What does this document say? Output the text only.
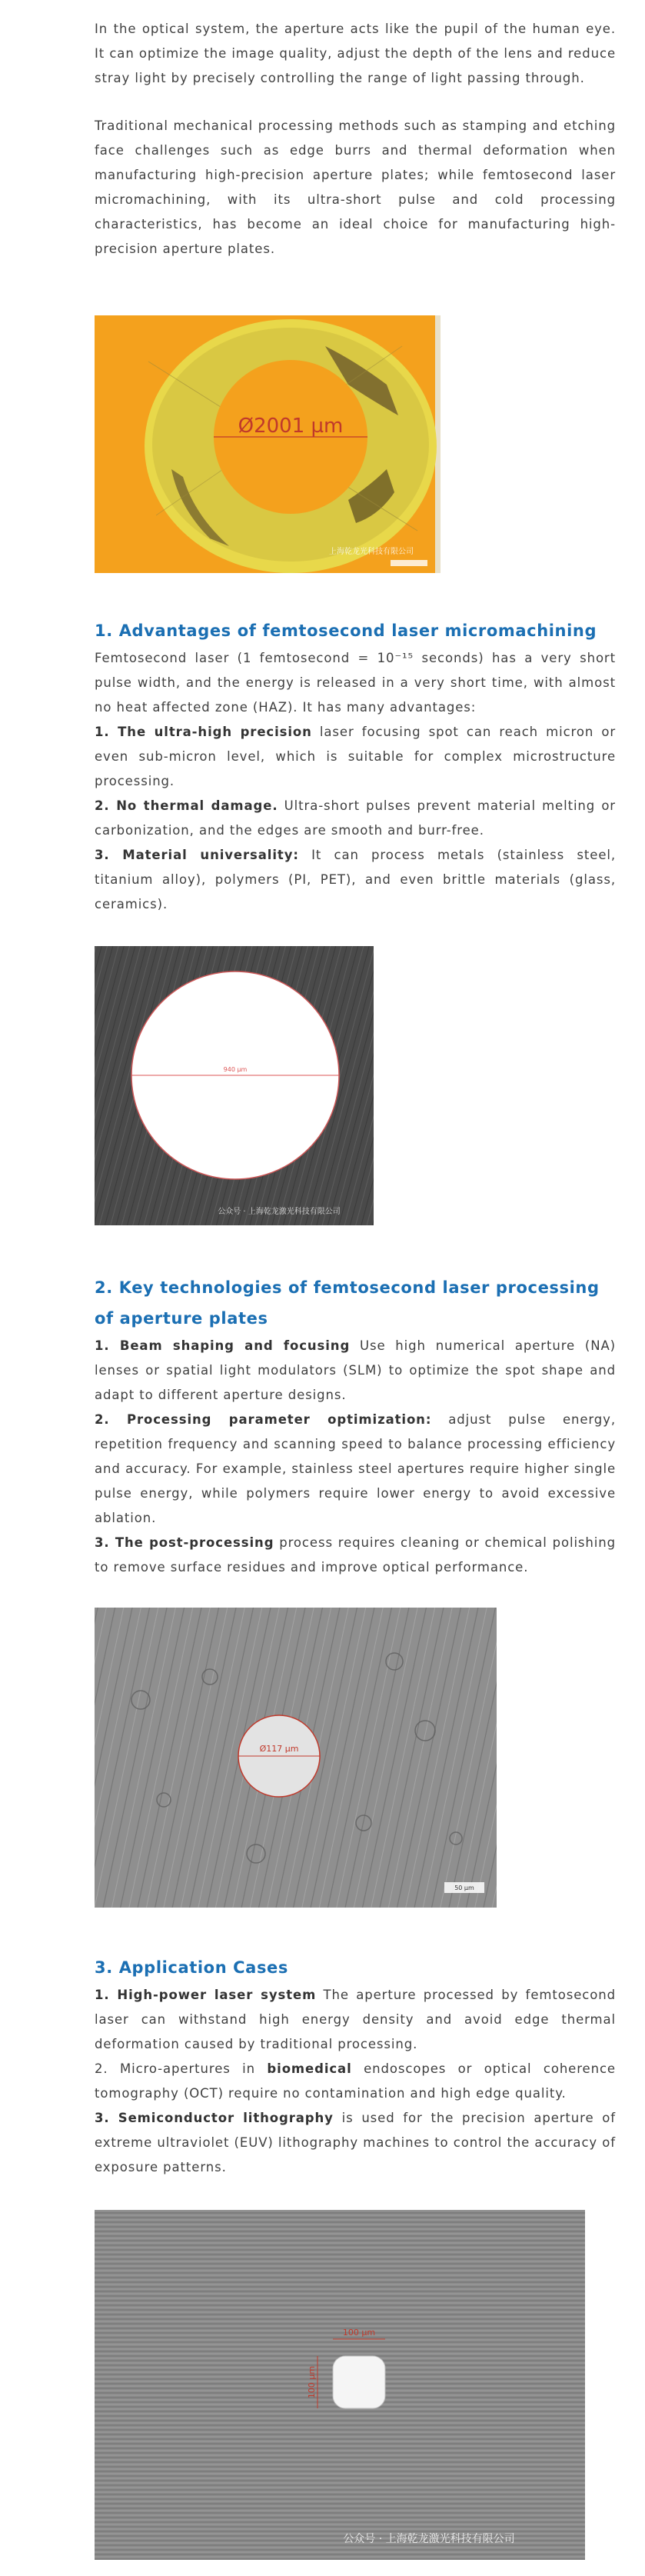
In the optical system, the aperture acts like the pupil of the human eye. It can optimize the image quality, adjust the depth of the lens and reduce stray light by precisely controlling the range of light passing through.

Traditional mechanical processing methods such as stamping and etching face challenges such as edge burrs and thermal deformation when manufacturing high-precision aperture plates; while femtosecond laser micromachining, with its ultra-short pulse and cold processing characteristics, has become an ideal choice for manufacturing high-precision aperture plates.

Ø2001 µm
上海乾龙光科技有限公司
1. Advantages of femtosecond laser micromachining

Femtosecond laser (1 femtosecond = 10⁻¹⁵ seconds) has a very short pulse width, and the energy is released in a very short time, with almost no heat affected zone (HAZ). It has many advantages:

1. The ultra-high precision laser focusing spot can reach micron or even sub-micron level, which is suitable for complex microstructure processing.

2. No thermal damage. Ultra-short pulses prevent material melting or carbonization, and the edges are smooth and burr-free.

3. Material universality: It can process metals (stainless steel, titanium alloy), polymers (PI, PET), and even brittle materials (glass, ceramics).

940 µm
公众号 · 上海乾龙激光科技有限公司
2. Key technologies of femtosecond laser processing of aperture plates

1. Beam shaping and focusing Use high numerical aperture (NA) lenses or spatial light modulators (SLM) to optimize the spot shape and adapt to different aperture designs.

2. Processing parameter optimization: adjust pulse energy, repetition frequency and scanning speed to balance processing efficiency and accuracy. For example, stainless steel apertures require higher single pulse energy, while polymers require lower energy to avoid excessive ablation.

3. The post-processing process requires cleaning or chemical polishing to remove surface residues and improve optical performance.

Ø117 µm
50 µm
3. Application Cases

1. High-power laser system The aperture processed by femtosecond laser can withstand high energy density and avoid edge thermal deformation caused by traditional processing.

2. Micro-apertures in biomedical endoscopes or optical coherence tomography (OCT) require no contamination and high edge quality.

3. Semiconductor lithography is used for the precision aperture of extreme ultraviolet (EUV) lithography machines to control the accuracy of exposure patterns.

100 µm
100 µm
公众号 · 上海乾龙激光科技有限公司
